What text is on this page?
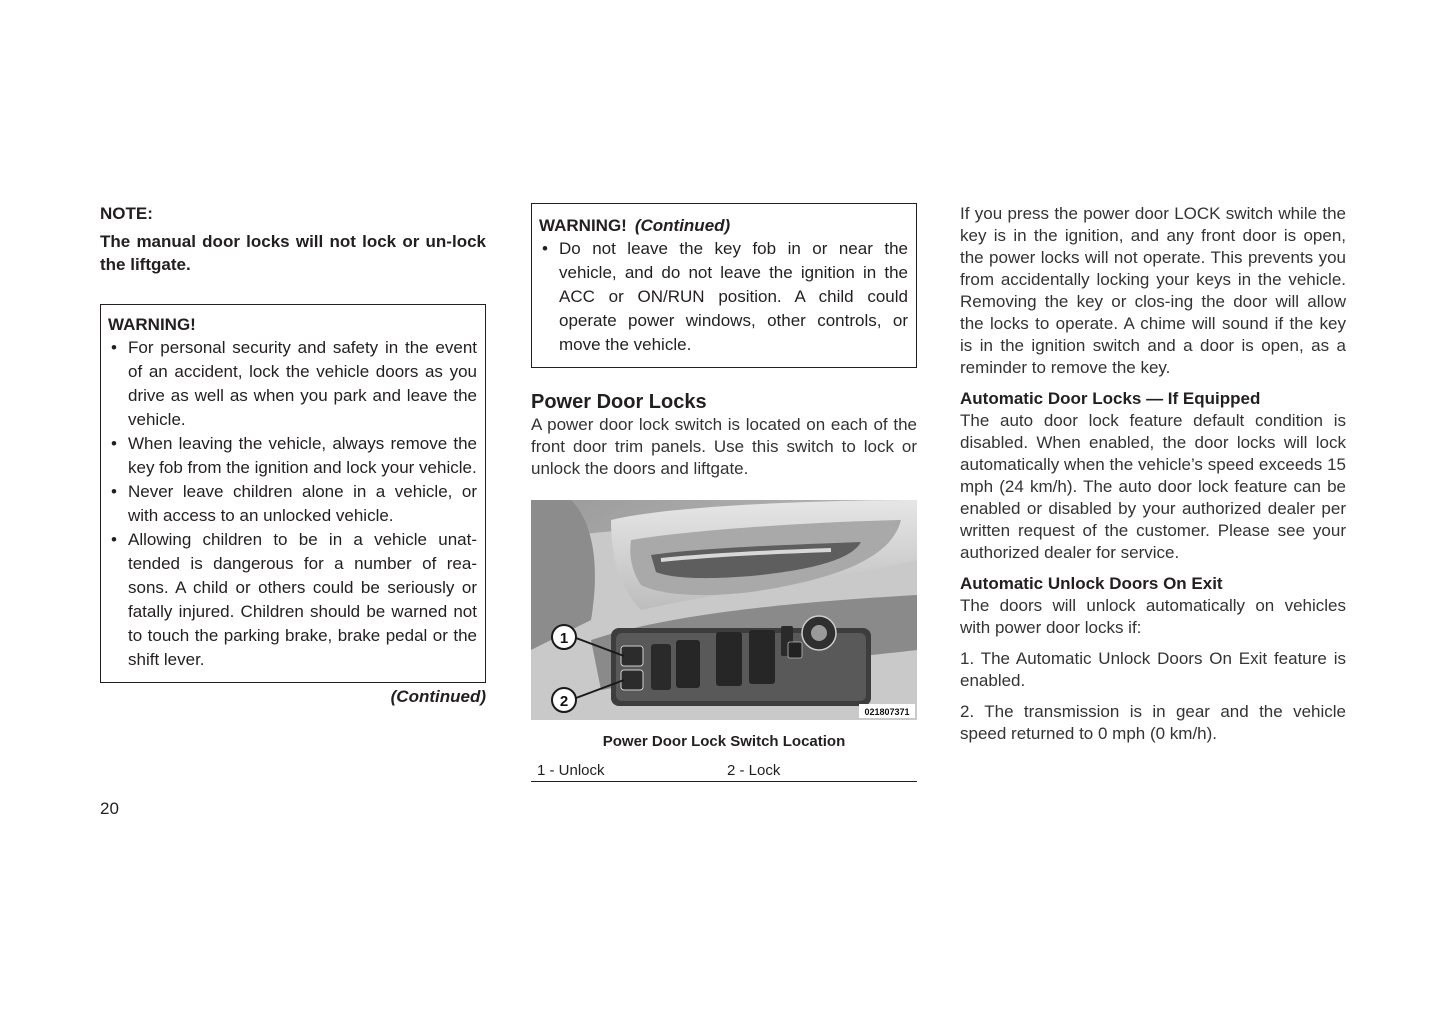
NOTE:
The manual door locks will not lock or un-lock the liftgate.
WARNING!
• For personal security and safety in the event of an accident, lock the vehicle doors as you drive as well as when you park and leave the vehicle.
• When leaving the vehicle, always remove the key fob from the ignition and lock your vehicle.
• Never leave children alone in a vehicle, or with access to an unlocked vehicle.
• Allowing children to be in a vehicle unat-tended is dangerous for a number of rea-sons. A child or others could be seriously or fatally injured. Children should be warned not to touch the parking brake, brake pedal or the shift lever.
(Continued)
WARNING! (Continued)
• Do not leave the key fob in or near the vehicle, and do not leave the ignition in the ACC or ON/RUN position. A child could operate power windows, other controls, or move the vehicle.
Power Door Locks

A power door lock switch is located on each of the front door trim panels. Use this switch to lock or unlock the doors and liftgate.

1
2
021807371
Power Door Lock Switch Location
1 - Unlock	2 - Lock

If you press the power door LOCK switch while the key is in the ignition, and any front door is open, the power locks will not operate. This prevents you from accidentally locking your keys in the vehicle. Removing the key or clos-ing the door will allow the locks to operate. A chime will sound if the key is in the ignition switch and a door is open, as a reminder to remove the key.

Automatic Door Locks — If Equipped

The auto door lock feature default condition is disabled. When enabled, the door locks will lock automatically when the vehicle’s speed exceeds 15 mph (24 km/h). The auto door lock feature can be enabled or disabled by your authorized dealer per written request of the customer. Please see your authorized dealer for service.

Automatic Unlock Doors On Exit

The doors will unlock automatically on vehicles with power door locks if:

1. The Automatic Unlock Doors On Exit feature is enabled.
2. The transmission is in gear and the vehicle speed returned to 0 mph (0 km/h).
20
